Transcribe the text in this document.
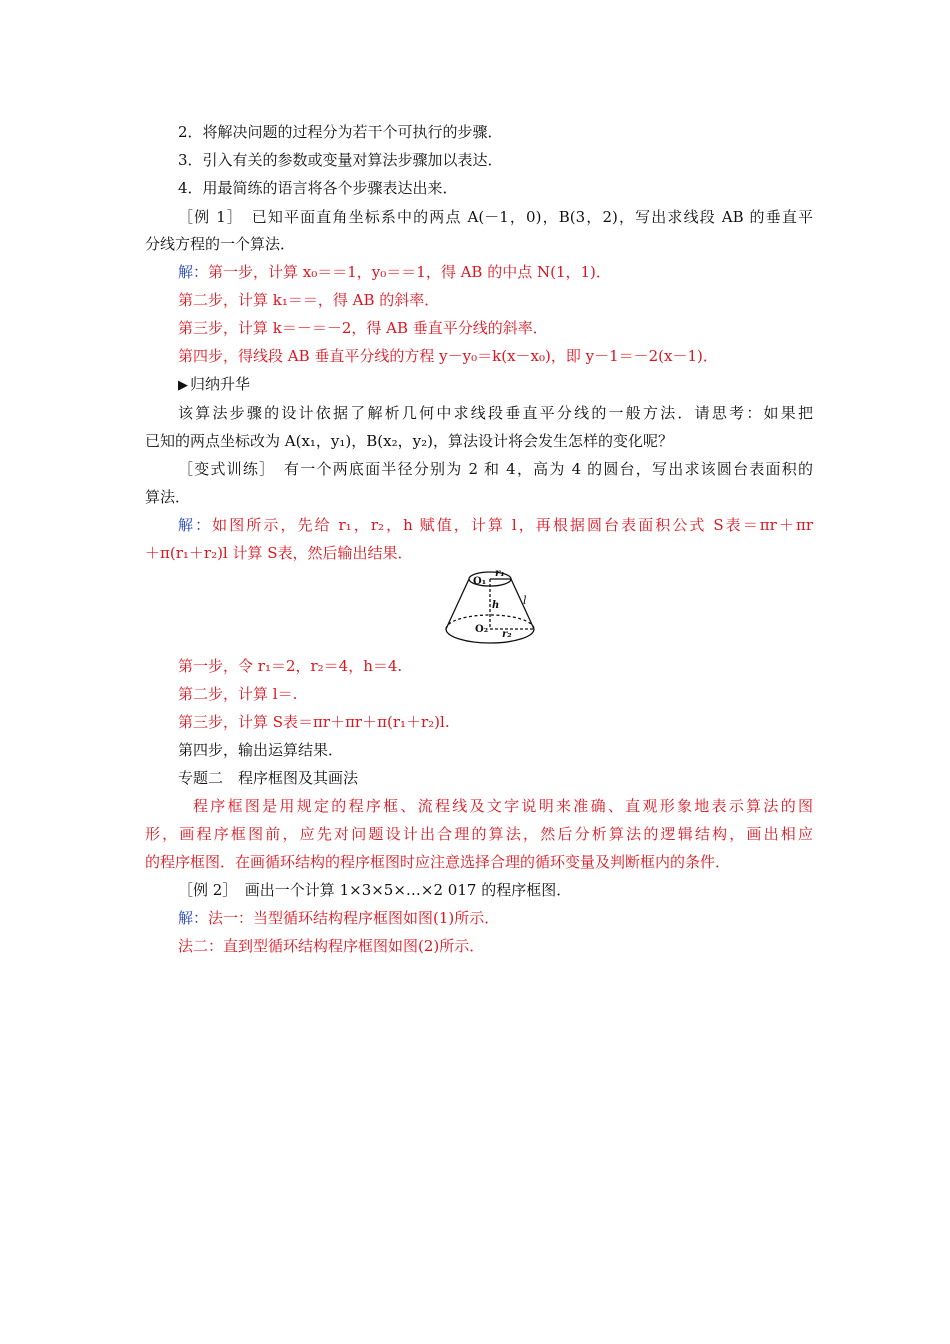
2．将解决问题的过程分为若干个可执行的步骤．
3．引入有关的参数或变量对算法步骤加以表达．
4．用最简练的语言将各个步骤表达出来．
［例 1］　已知平面直角坐标系中的两点 A(－1，0)，B(3，2)，写出求线段 AB 的垂直平
分线方程的一个算法．
解：第一步，计算 x₀＝＝1，y₀＝＝1，得 AB 的中点 N(1，1)．
第二步，计算 k₁＝＝，得 AB 的斜率．
第三步，计算 k＝－＝－2，得 AB 垂直平分线的斜率．
第四步，得线段 AB 垂直平分线的方程 y－y₀＝k(x－x₀)，即 y－1＝－2(x－1)．
▶ 归纳升华
该算法步骤的设计依据了解析几何中求线段垂直平分线的一般方法．请思考：如果把
已知的两点坐标改为 A(x₁，y₁)，B(x₂，y₂)，算法设计将会发生怎样的变化呢？
［变式训练］　有一个两底面半径分别为 2 和 4，高为 4 的圆台，写出求该圆台表面积的
算法．
解：如图所示，先给 r₁，r₂，h 赋值，计算 l，再根据圆台表面积公式 S表＝πr＋πr
＋π(r₁＋r₂)l 计算 S表，然后输出结果．
O₁
r₁
h l
O₂ r₂
第一步，令 r₁＝2，r₂＝4，h＝4.
第二步，计算 l＝.
第三步，计算 S表＝πr＋πr＋π(r₁＋r₂)l.
第四步，输出运算结果．
专题二　程序框图及其画法
程序框图是用规定的程序框、流程线及文字说明来准确、直观形象地表示算法的图
形，画程序框图前，应先对问题设计出合理的算法，然后分析算法的逻辑结构，画出相应
的程序框图．在画循环结构的程序框图时应注意选择合理的循环变量及判断框内的条件．
［例 2］　画出一个计算 1×3×5×…×2 017 的程序框图．
解：法一：当型循环结构程序框图如图(1)所示．
法二：直到型循环结构程序框图如图(2)所示．
